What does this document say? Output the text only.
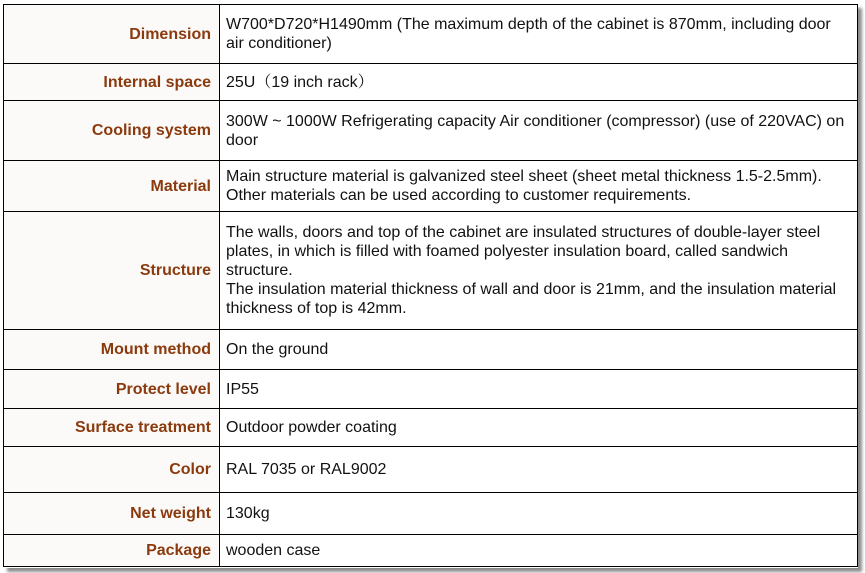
Dimension	W700*D720*H1490mm (The maximum depth of the cabinet is 870mm, including door air conditioner)
Internal space	25U（19 inch rack）
Cooling system	300W ~ 1000W Refrigerating capacity Air conditioner (compressor) (use of 220VAC) on door
Material	Main structure material is galvanized steel sheet (sheet metal thickness 1.5-2.5mm). Other materials can be used according to customer requirements.
Structure	The walls, doors and top of the cabinet are insulated structures of double-layer steel plates, in which is filled with foamed polyester insulation board, called sandwich structure.
The insulation material thickness of wall and door is 21mm, and the insulation material thickness of top is 42mm.

Mount method	On the ground
Protect level	IP55
Surface treatment	Outdoor powder coating
Color	RAL 7035 or RAL9002
Net weight	130kg
Package	wooden case
